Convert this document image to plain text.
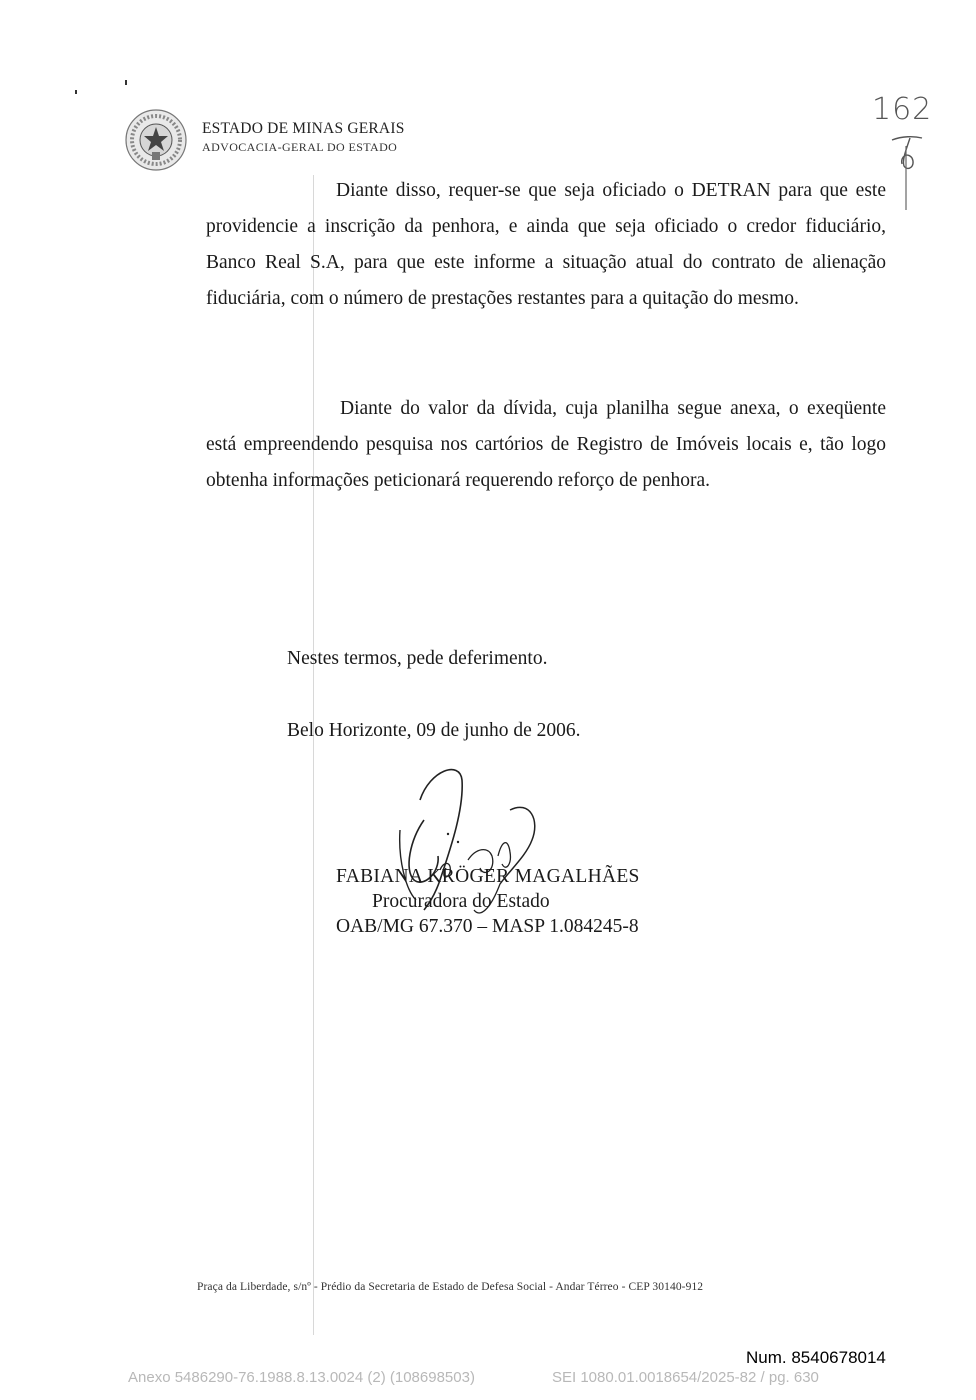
ESTADO DE MINAS GERAIS
ADVOCACIA-GERAL DO ESTADO
162
Diante disso, requer-se que seja oficiado o DETRAN para que este providencie a inscrição da penhora, e ainda que seja oficiado o credor fiduciário, Banco Real S.A, para que este informe a situação atual do contrato de alienação fiduciária, com o número de prestações restantes para a quitação do mesmo.
Diante do valor da dívida, cuja planilha segue anexa, o exeqüente está empreendendo pesquisa nos cartórios de Registro de Imóveis locais e, tão logo obtenha informações peticionará requerendo reforço de penhora.
Nestes termos, pede deferimento.
Belo Horizonte, 09 de junho de 2006.
FABIANA KRÖGER MAGALHÃES
Procuradora do Estado
OAB/MG 67.370 – MASP 1.084245-8
Praça da Liberdade, s/nº - Prédio da Secretaria de Estado de Defesa Social - Andar Térreo - CEP 30140-912
Num. 8540678014
Anexo 5486290-76.1988.8.13.0024 (2) (108698503)	SEI 1080.01.0018654/2025-82 / pg. 630
